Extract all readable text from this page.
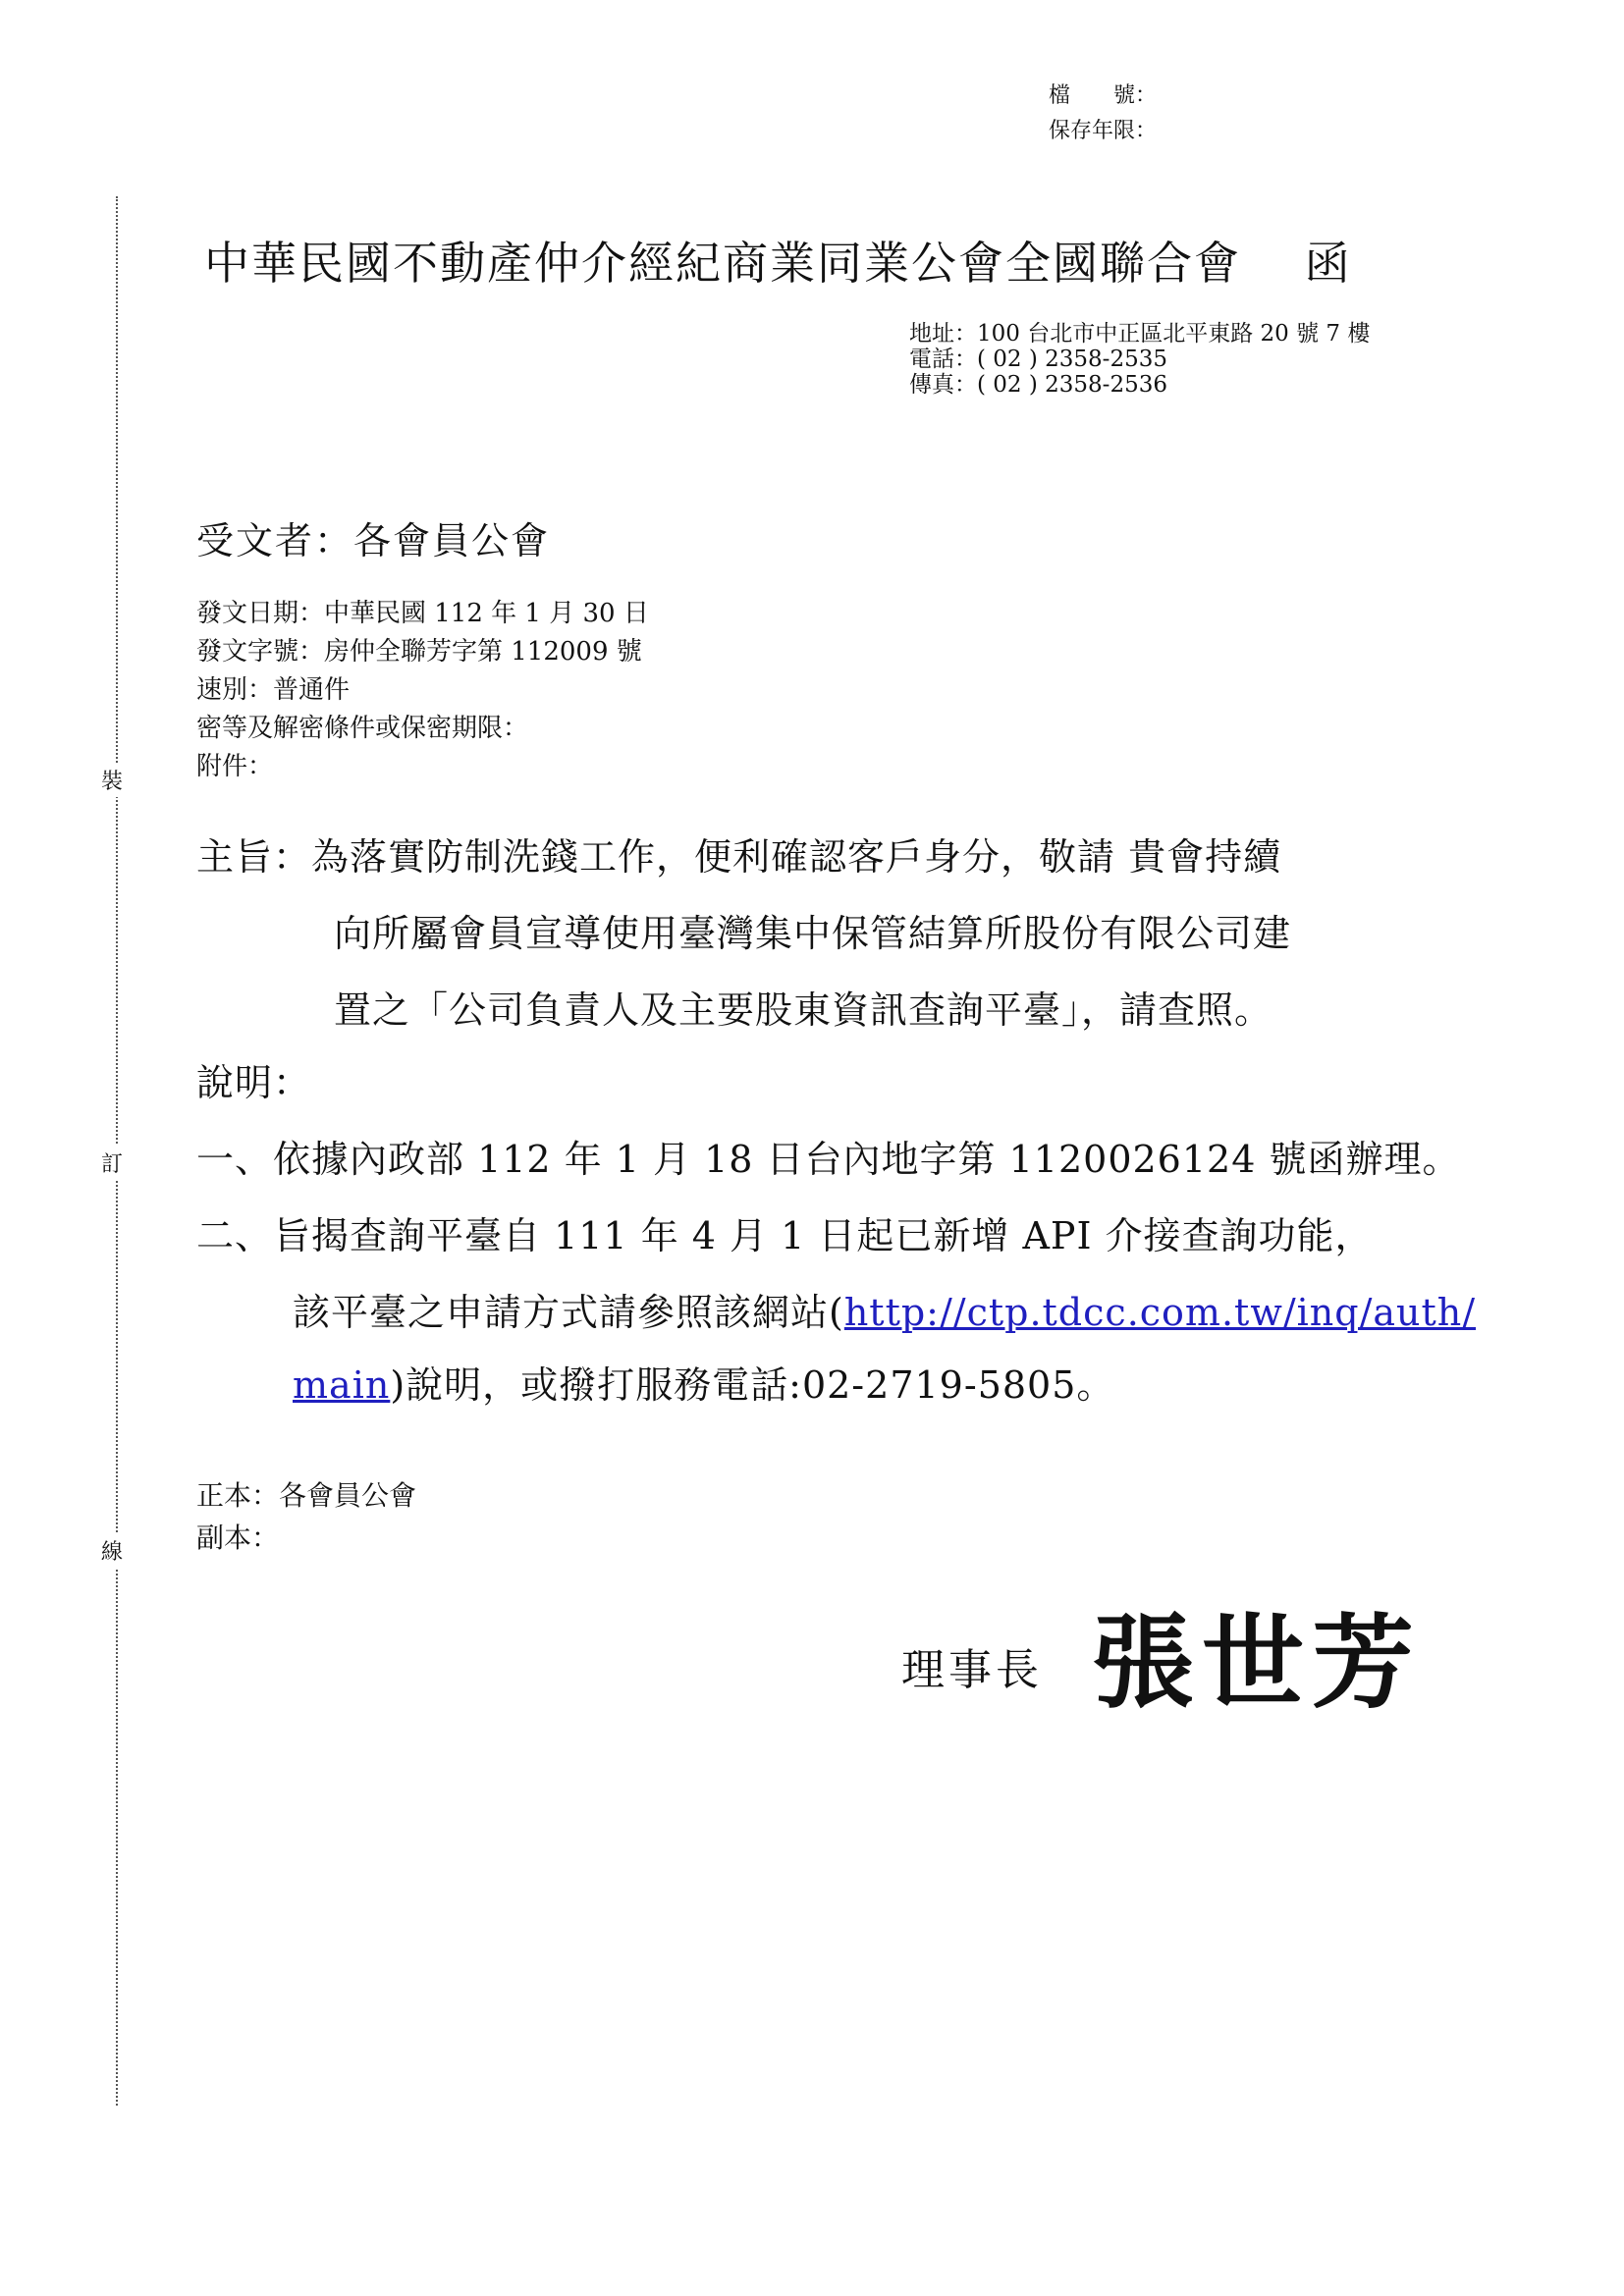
裝
訂
線
檔　　號：
保存年限：
中華民國不動產仲介經紀商業同業公會全國聯合會　 函
地址：100 台北市中正區北平東路 20 號 7 樓
電話：( 02 ) 2358-2535
傳真：( 02 ) 2358-2536
受文者：各會員公會
發文日期：中華民國 112 年 1 月 30 日
發文字號：房仲全聯芳字第 112009 號
速別：普通件
密等及解密條件或保密期限：
附件：
主旨：為落實防制洗錢工作，便利確認客戶身分，敬請 貴會持續
向所屬會員宣導使用臺灣集中保管結算所股份有限公司建
置之「公司負責人及主要股東資訊查詢平臺」，請查照。
說明：
一、依據內政部 112 年 1 月 18 日台內地字第 1120026124 號函辦理。
二、旨揭查詢平臺自 111 年 4 月 1 日起已新增 API 介接查詢功能，
該平臺之申請方式請參照該網站(http://ctp.tdcc.com.tw/inq/auth/
main)說明，或撥打服務電話:02-2719-5805。
正本：各會員公會
副本：
理事長 張世芳
